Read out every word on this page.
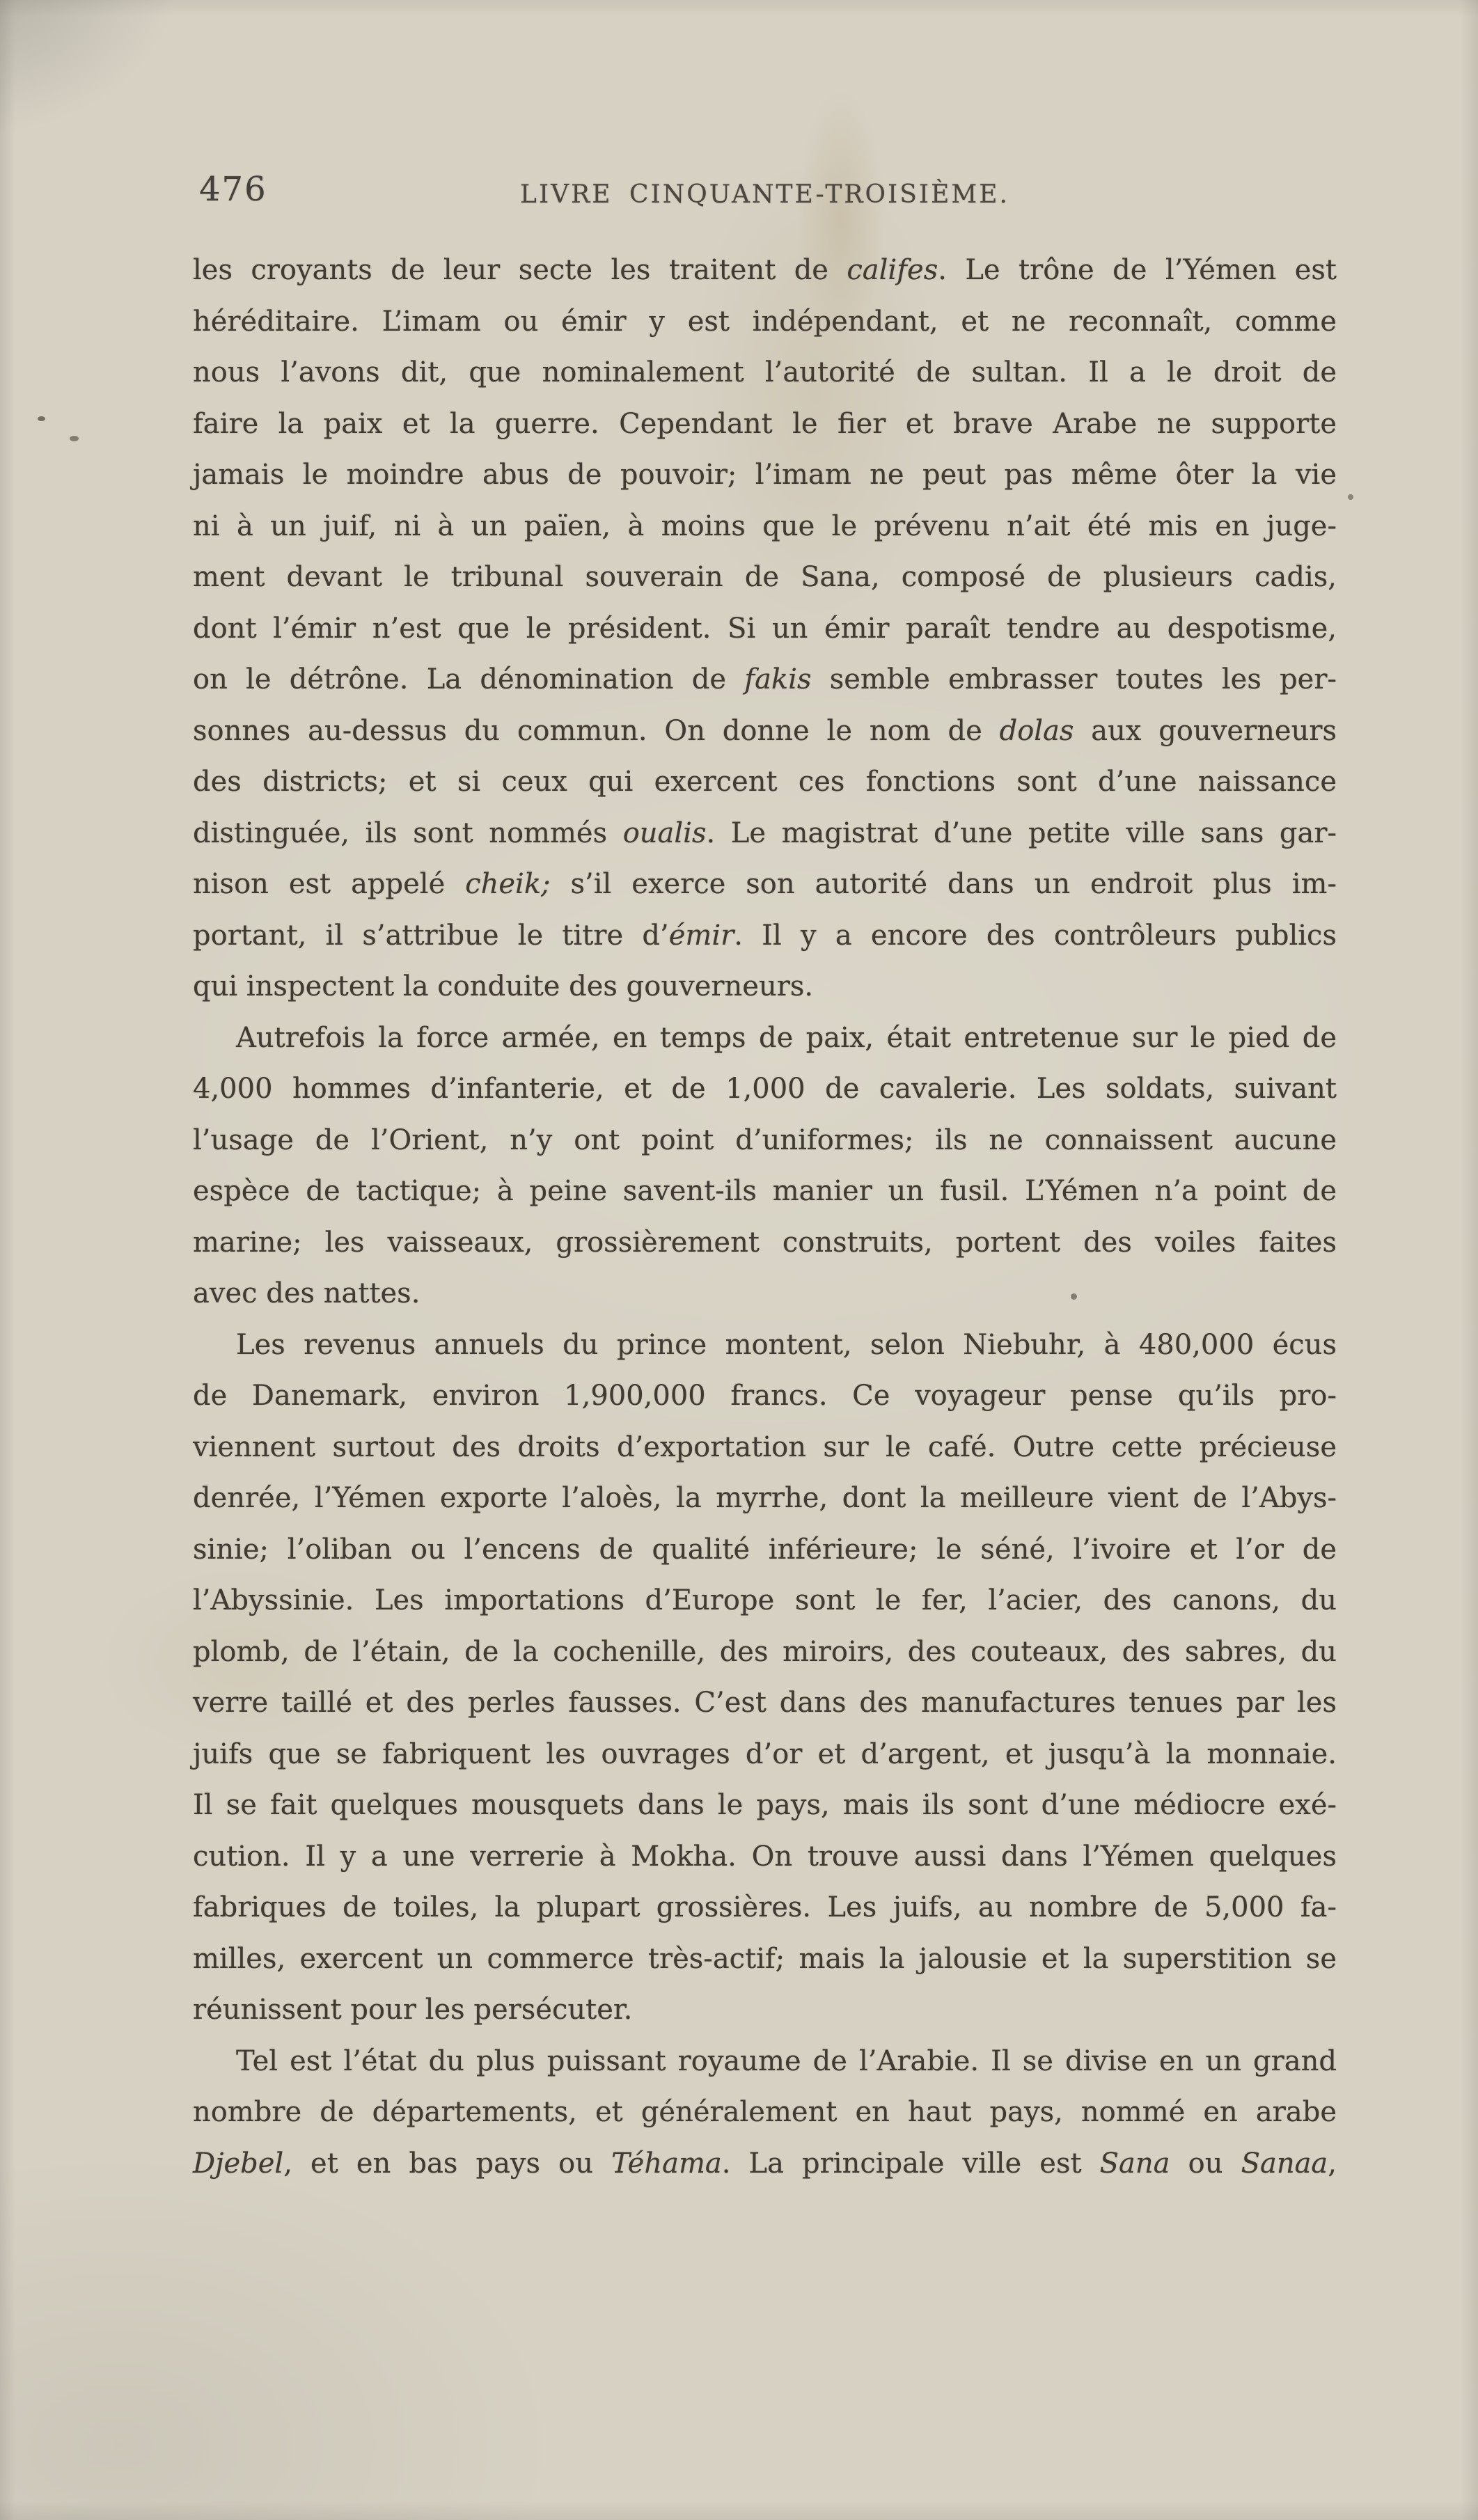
476	LIVRE CINQUANTE-TROISIÈME.
les croyants de leur secte les traitent de califes. Le trône de l’Yémen est
héréditaire. L’imam ou émir y est indépendant, et ne reconnaît, comme
nous l’avons dit, que nominalement l’autorité de sultan. Il a le droit de
faire la paix et la guerre. Cependant le fier et brave Arabe ne supporte
jamais le moindre abus de pouvoir; l’imam ne peut pas même ôter la vie
ni à un juif, ni à un païen, à moins que le prévenu n’ait été mis en juge-
ment devant le tribunal souverain de Sana, composé de plusieurs cadis,
dont l’émir n’est que le président. Si un émir paraît tendre au despotisme,
on le détrône. La dénomination de fakis semble embrasser toutes les per-
sonnes au-dessus du commun. On donne le nom de dolas aux gouverneurs
des districts; et si ceux qui exercent ces fonctions sont d’une naissance
distinguée, ils sont nommés oualis. Le magistrat d’une petite ville sans gar-
nison est appelé cheik; s’il exerce son autorité dans un endroit plus im-
portant, il s’attribue le titre d’émir. Il y a encore des contrôleurs publics
qui inspectent la conduite des gouverneurs.
Autrefois la force armée, en temps de paix, était entretenue sur le pied de
4,000 hommes d’infanterie, et de 1,000 de cavalerie. Les soldats, suivant
l’usage de l’Orient, n’y ont point d’uniformes; ils ne connaissent aucune
espèce de tactique; à peine savent-ils manier un fusil. L’Yémen n’a point de
marine; les vaisseaux, grossièrement construits, portent des voiles faites
avec des nattes.
Les revenus annuels du prince montent, selon Niebuhr, à 480,000 écus
de Danemark, environ 1,900,000 francs. Ce voyageur pense qu’ils pro-
viennent surtout des droits d’exportation sur le café. Outre cette précieuse
denrée, l’Yémen exporte l’aloès, la myrrhe, dont la meilleure vient de l’Abys-
sinie; l’oliban ou l’encens de qualité inférieure; le séné, l’ivoire et l’or de
l’Abyssinie. Les importations d’Europe sont le fer, l’acier, des canons, du
plomb, de l’étain, de la cochenille, des miroirs, des couteaux, des sabres, du
verre taillé et des perles fausses. C’est dans des manufactures tenues par les
juifs que se fabriquent les ouvrages d’or et d’argent, et jusqu’à la monnaie.
Il se fait quelques mousquets dans le pays, mais ils sont d’une médiocre exé-
cution. Il y a une verrerie à Mokha. On trouve aussi dans l’Yémen quelques
fabriques de toiles, la plupart grossières. Les juifs, au nombre de 5,000 fa-
milles, exercent un commerce très-actif; mais la jalousie et la superstition se
réunissent pour les persécuter.
Tel est l’état du plus puissant royaume de l’Arabie. Il se divise en un grand
nombre de départements, et généralement en haut pays, nommé en arabe
Djebel, et en bas pays ou Téhama. La principale ville est Sana ou Sanaa,
